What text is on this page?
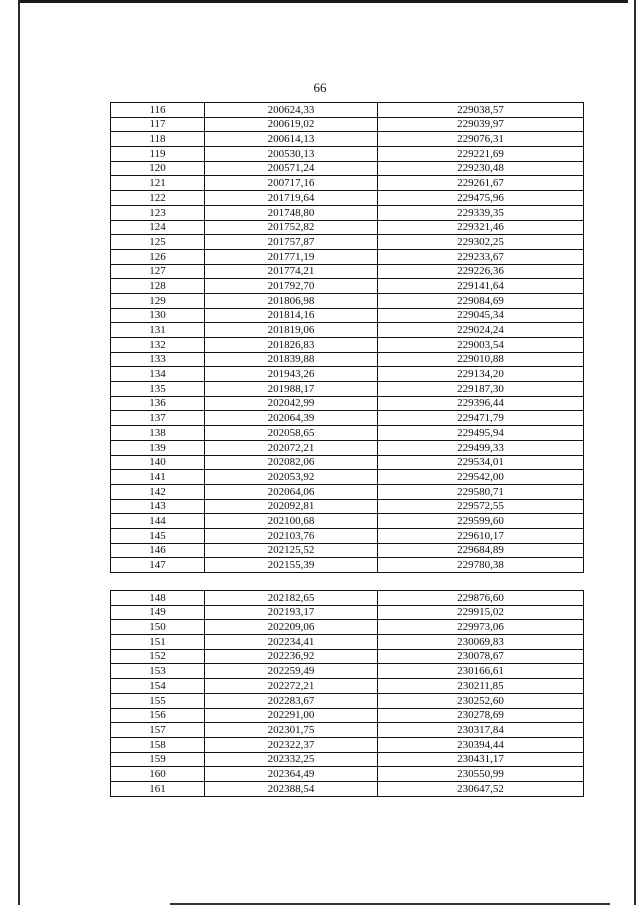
66
116	200624,33	229038,57
117	200619,02	229039,97
118	200614,13	229076,31
119	200530,13	229221,69
120	200571,24	229230,48
121	200717,16	229261,67
122	201719,64	229475,96
123	201748,80	229339,35
124	201752,82	229321,46
125	201757,87	229302,25
126	201771,19	229233,67
127	201774,21	229226,36
128	201792,70	229141,64
129	201806,98	229084,69
130	201814,16	229045,34
131	201819,06	229024,24
132	201826,83	229003,54
133	201839,88	229010,88
134	201943,26	229134,20
135	201988,17	229187,30
136	202042,99	229396,44
137	202064,39	229471,79
138	202058,65	229495,94
139	202072,21	229499,33
140	202082,06	229534,01
141	202053,92	229542,00
142	202064,06	229580,71
143	202092,81	229572,55
144	202100,68	229599,60
145	202103,76	229610,17
146	202125,52	229684,89
147	202155,39	229780,38
148	202182,65	229876,60
149	202193,17	229915,02
150	202209,06	229973,06
151	202234,41	230069,83
152	202236,92	230078,67
153	202259,49	230166,61
154	202272,21	230211,85
155	202283,67	230252,60
156	202291,00	230278,69
157	202301,75	230317,84
158	202322,37	230394,44
159	202332,25	230431,17
160	202364,49	230550,99
161	202388,54	230647,52
